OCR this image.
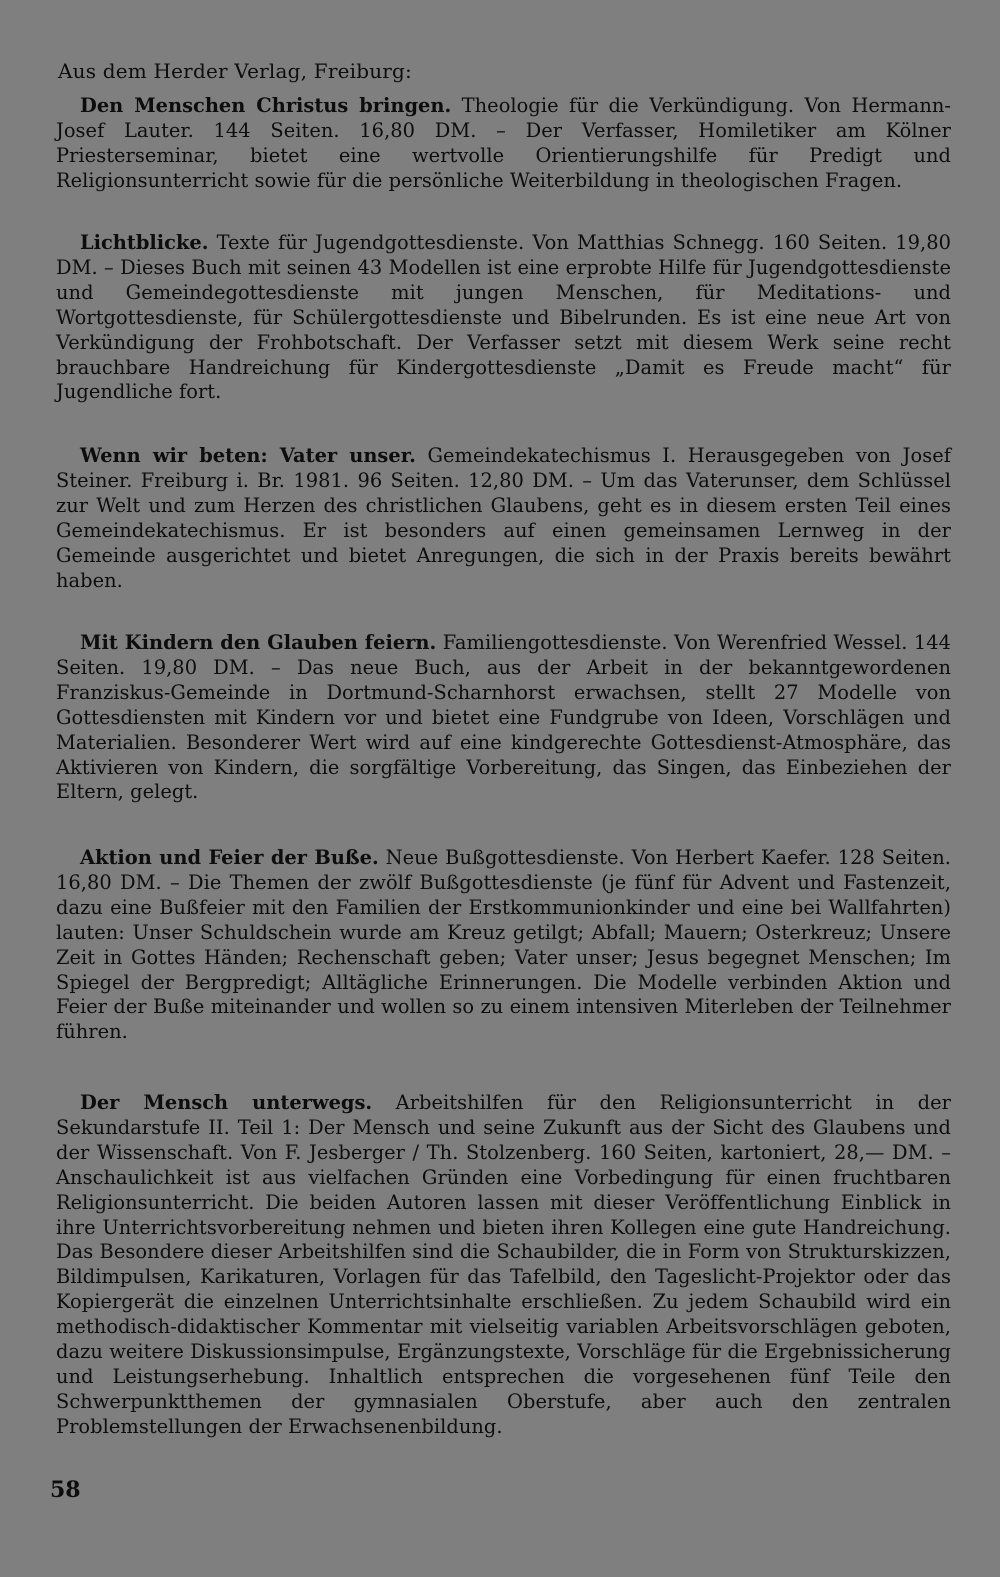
Aus dem Herder Verlag, Freiburg:
Den Menschen Christus bringen. Theologie für die Verkündigung. Von Hermann-Josef Lauter. 144 Seiten. 16,80 DM. – Der Verfasser, Homiletiker am Kölner Priesterseminar, bietet eine wertvolle Orientierungshilfe für Predigt und Religionsunterricht sowie für die persönliche Weiterbildung in theologischen Fragen.
Lichtblicke. Texte für Jugendgottesdienste. Von Matthias Schnegg. 160 Seiten. 19,80 DM. – Dieses Buch mit seinen 43 Modellen ist eine erprobte Hilfe für Jugendgottesdienste und Gemeindegottesdienste mit jungen Menschen, für Meditations- und Wortgottesdienste, für Schülergottesdienste und Bibelrunden. Es ist eine neue Art von Verkündigung der Frohbotschaft. Der Verfasser setzt mit diesem Werk seine recht brauchbare Handreichung für Kindergottesdienste „Damit es Freude macht“ für Jugendliche fort.
Wenn wir beten: Vater unser. Gemeindekatechismus I. Herausgegeben von Josef Steiner. Freiburg i. Br. 1981. 96 Seiten. 12,80 DM. – Um das Vaterunser, dem Schlüssel zur Welt und zum Herzen des christlichen Glaubens, geht es in diesem ersten Teil eines Gemeindekatechismus. Er ist besonders auf einen gemeinsamen Lernweg in der Gemeinde ausgerichtet und bietet Anregungen, die sich in der Praxis bereits bewährt haben.
Mit Kindern den Glauben feiern. Familiengottesdienste. Von Werenfried Wessel. 144 Seiten. 19,80 DM. – Das neue Buch, aus der Arbeit in der bekanntgewordenen Franziskus-Gemeinde in Dortmund-Scharnhorst erwachsen, stellt 27 Modelle von Gottesdiensten mit Kindern vor und bietet eine Fundgrube von Ideen, Vorschlägen und Materialien. Besonderer Wert wird auf eine kindgerechte Gottesdienst-Atmosphäre, das Aktivieren von Kindern, die sorgfältige Vorbereitung, das Singen, das Einbeziehen der Eltern, gelegt.
Aktion und Feier der Buße. Neue Bußgottesdienste. Von Herbert Kaefer. 128 Seiten. 16,80 DM. – Die Themen der zwölf Bußgottesdienste (je fünf für Advent und Fastenzeit, dazu eine Bußfeier mit den Familien der Erstkommunionkinder und eine bei Wallfahrten) lauten: Unser Schuldschein wurde am Kreuz getilgt; Abfall; Mauern; Osterkreuz; Unsere Zeit in Gottes Händen; Rechenschaft geben; Vater unser; Jesus begegnet Menschen; Im Spiegel der Bergpredigt; Alltägliche Erinnerungen. Die Modelle verbinden Aktion und Feier der Buße miteinander und wollen so zu einem intensiven Miterleben der Teilnehmer führen.
Der Mensch unterwegs. Arbeitshilfen für den Religionsunterricht in der Sekundarstufe II. Teil 1: Der Mensch und seine Zukunft aus der Sicht des Glaubens und der Wissenschaft. Von F. Jesberger / Th. Stolzenberg. 160 Seiten, kartoniert, 28,— DM. – Anschaulichkeit ist aus vielfachen Gründen eine Vorbedingung für einen fruchtbaren Religionsunterricht. Die beiden Autoren lassen mit dieser Veröffentlichung Einblick in ihre Unterrichtsvorbereitung nehmen und bieten ihren Kollegen eine gute Handreichung. Das Besondere dieser Arbeitshilfen sind die Schaubilder, die in Form von Strukturskizzen, Bildimpulsen, Karikaturen, Vorlagen für das Tafelbild, den Tageslicht-Projektor oder das Kopiergerät die einzelnen Unterrichtsinhalte erschließen. Zu jedem Schaubild wird ein methodisch-didaktischer Kommentar mit vielseitig variablen Arbeitsvorschlägen geboten, dazu weitere Diskussionsimpulse, Ergänzungstexte, Vorschläge für die Ergebnissicherung und Leistungserhebung. Inhaltlich entsprechen die vorgesehenen fünf Teile den Schwerpunktthemen der gymnasialen Oberstufe, aber auch den zentralen Problemstellungen der Erwachsenenbildung.
58
